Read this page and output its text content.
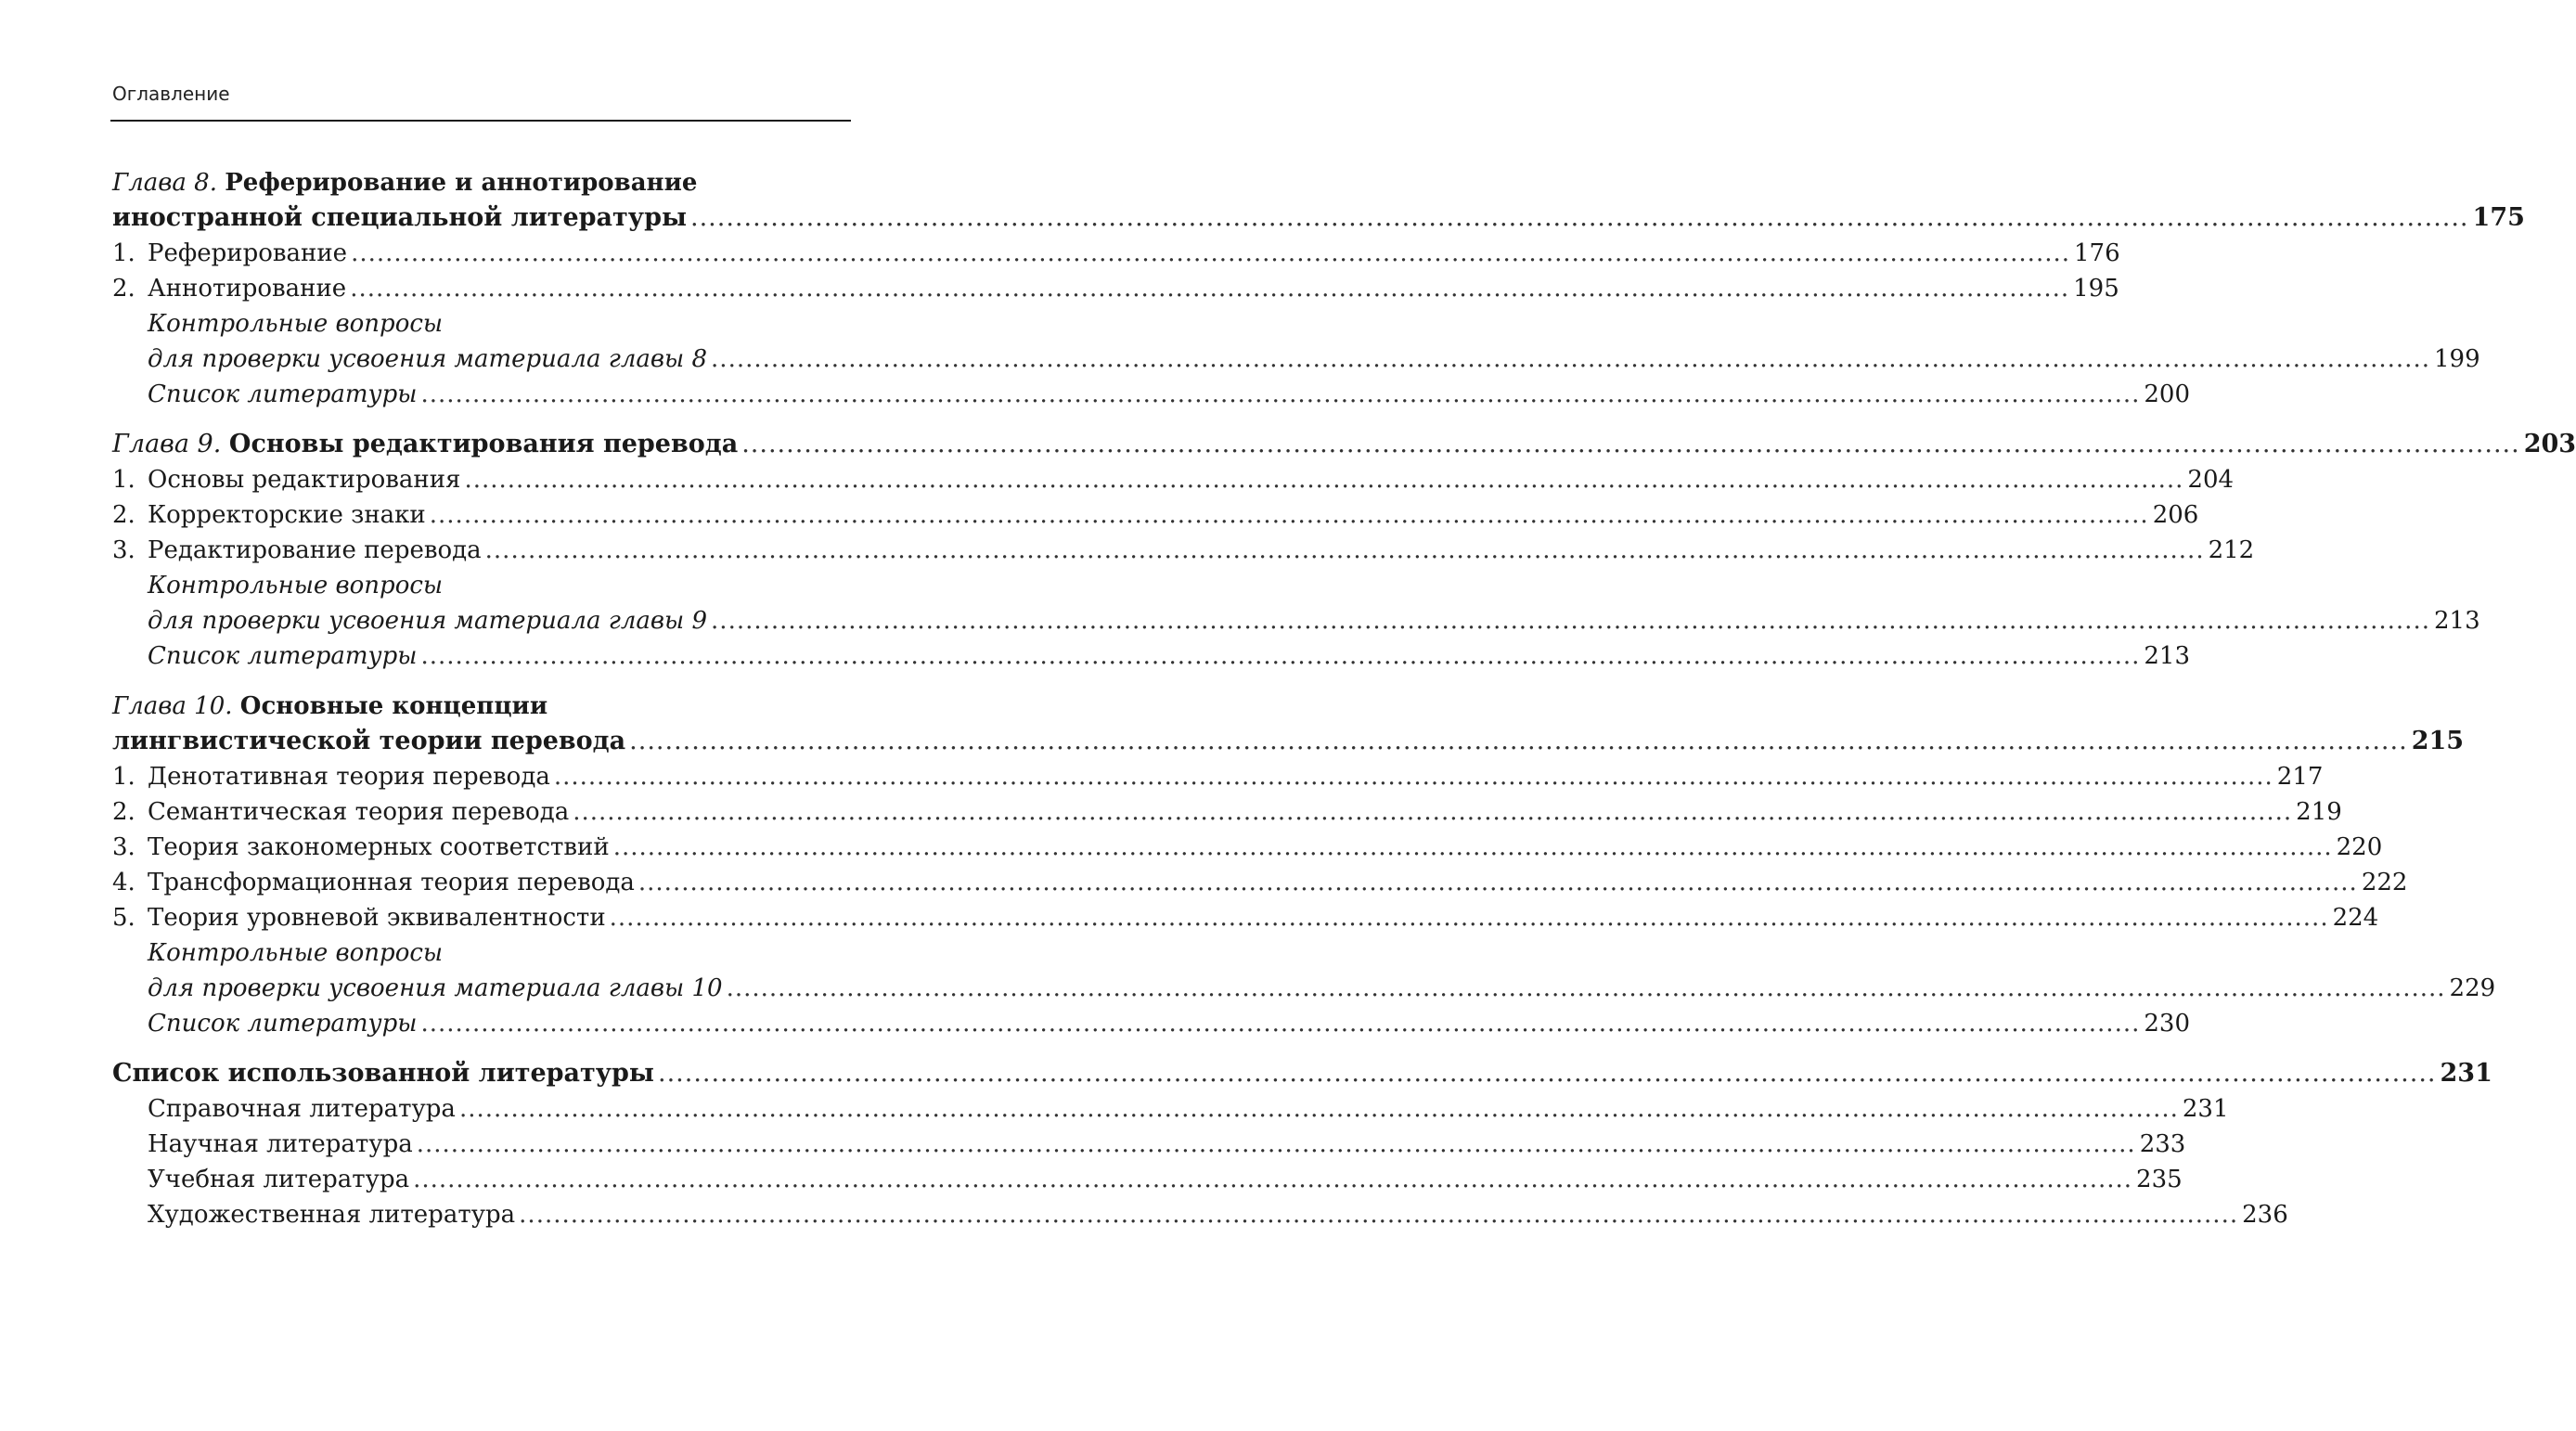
Оглавление
Глава 8. Реферирование и аннотирование
иностранной специальной литературы ........................................................................................................................................................................................................ 175
1. Реферирование ........................................................................................................................................................................................................ 176
2. Аннотирование ........................................................................................................................................................................................................ 195
Контрольные вопросы
для проверки усвоения материала главы 8 ........................................................................................................................................................................................................ 199
Список литературы ........................................................................................................................................................................................................ 200
Глава 9. Основы редактирования перевода ........................................................................................................................................................................................................ 203
1. Основы редактирования ........................................................................................................................................................................................................ 204
2. Корректорские знаки ........................................................................................................................................................................................................ 206
3. Редактирование перевода ........................................................................................................................................................................................................ 212
Контрольные вопросы
для проверки усвоения материала главы 9 ........................................................................................................................................................................................................ 213
Список литературы ........................................................................................................................................................................................................ 213
Глава 10. Основные концепции
лингвистической теории перевода ........................................................................................................................................................................................................ 215
1. Денотативная теория перевода ........................................................................................................................................................................................................ 217
2. Семантическая теория перевода ........................................................................................................................................................................................................ 219
3. Теория закономерных соответствий ........................................................................................................................................................................................................ 220
4. Трансформационная теория перевода ........................................................................................................................................................................................................ 222
5. Теория уровневой эквивалентности ........................................................................................................................................................................................................ 224
Контрольные вопросы
для проверки усвоения материала главы 10 ........................................................................................................................................................................................................ 229
Список литературы ........................................................................................................................................................................................................ 230
Список использованной литературы ........................................................................................................................................................................................................ 231
Справочная литература ........................................................................................................................................................................................................ 231
Научная литература ........................................................................................................................................................................................................ 233
Учебная литература ........................................................................................................................................................................................................ 235
Художественная литература ........................................................................................................................................................................................................ 236
